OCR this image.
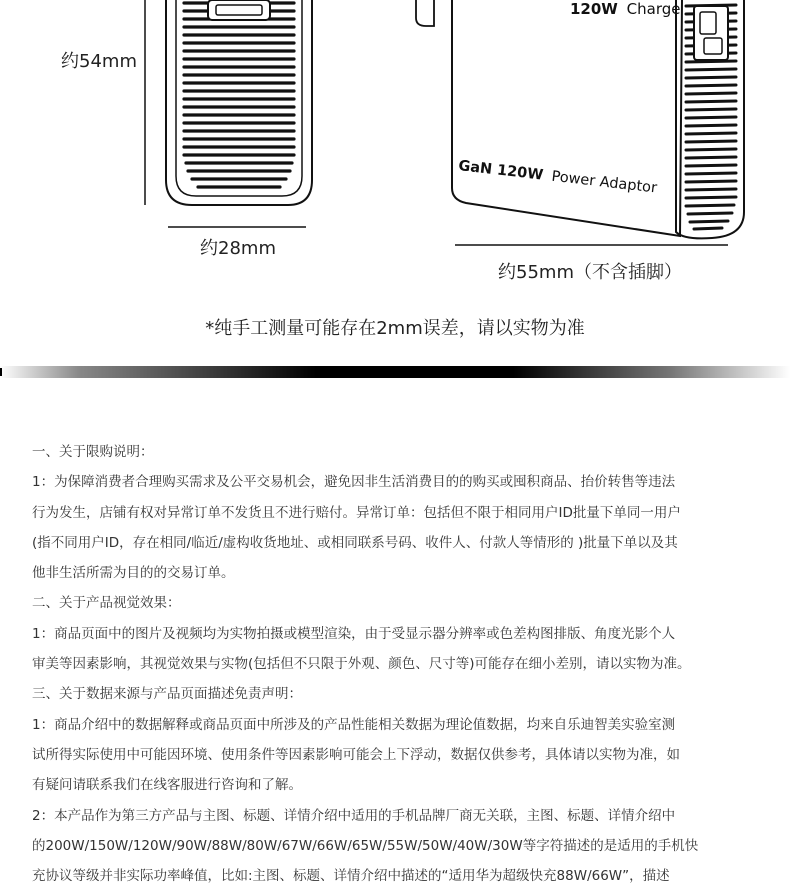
120W Charge
GaN 120W Power Adaptor
约54mm
约28mm
约55mm（不含插脚）
*纯手工测量可能存在2mm误差，请以实物为准

一、关于限购说明：

1：为保障消费者合理购买需求及公平交易机会，避免因非生活消费目的的购买或囤积商品、抬价转售等违法

行为发生，店铺有权对异常订单不发货且不进行赔付。异常订单：包括但不限于相同用户ID批量下单同一用户

(指不同用户ID，存在相同/临近/虚构收货地址、或相同联系号码、收件人、付款人等情形的 )批量下单以及其

他非生活所需为目的的交易订单。

二、关于产品视觉效果：

1：商品页面中的图片及视频均为实物拍摄或模型渲染，由于受显示器分辨率或色差构图排版、角度光影个人

审美等因素影响，其视觉效果与实物(包括但不只限于外观、颜色、尺寸等)可能存在细小差别，请以实物为准。

三、关于数据来源与产品页面描述免责声明：

1：商品介绍中的数据解释或商品页面中所涉及的产品性能相关数据为理论值数据，均来自乐迪智美实验室测

试所得实际使用中可能因环境、使用条件等因素影响可能会上下浮动，数据仅供参考，具体请以实物为准，如

有疑问请联系我们在线客服进行咨询和了解。

2：本产品作为第三方产品与主图、标题、详情介绍中适用的手机品牌厂商无关联，主图、标题、详情介绍中

的200W/150W/120W/90W/88W/80W/67W/66W/65W/55W/50W/40W/30W等字符描述的是适用的手机快

充协议等级并非实际功率峰值，比如:主图、标题、详情介绍中描述的“适用华为超级快充88W/66W”，描述
